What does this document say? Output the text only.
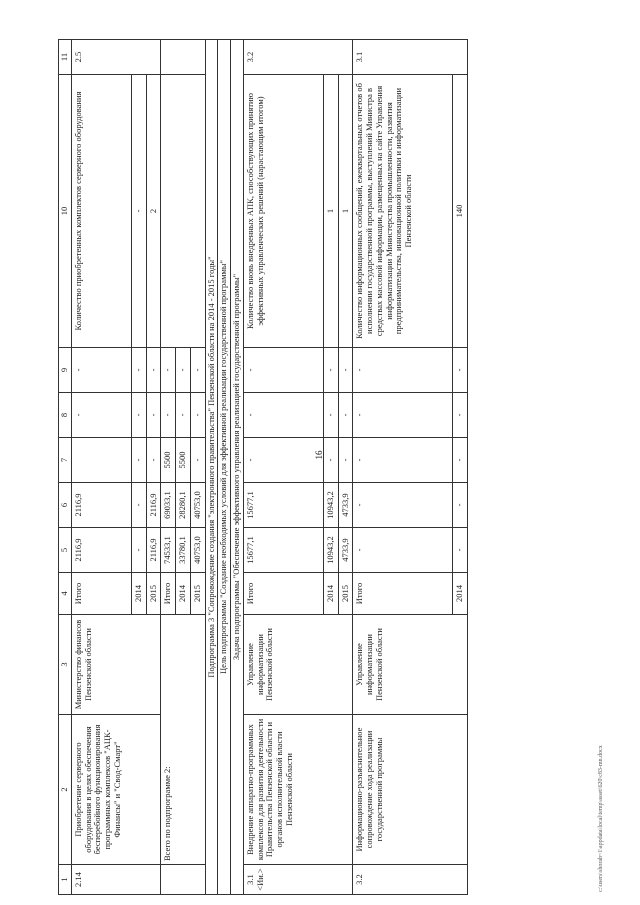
16
1	2	3	4	5	6	7	8	9	10	11
2.14	Приобретение серверного оборудования в целях обеспечения бесперебойного функционирования программных комплексов "АЦК-Финансы" и "Свод-Смарт"	Министерство финансов Пензенской области	Итого	2116,9	2116,9		-	-	Количество приобретенных комплектов серверного оборудования	2.5
			2014	-	-	-	-	-	-	
			2015	2116,9	2116,9	-	-	-	2	
	Всего по подпрограмме 2:		Итого	74533,1	69033,1	5500	-	-		
			2014	33780,1	28280,1	5500	-	-		
			2015	40753,0	40753,0	-	-	-		
Подпрограмма 3 "Сопровождение создания "электронного правительства" Пензенской области на 2014 - 2015 годы"										
Цель подпрограммы "Создание необходимых условий для эффективной реализации государственной программы"										
Задача подпрограммы "Обеспечение эффективного управления реализацией государственной программы"										
3.1 <Ии.>	Внедрение аппаратно-программных комплексов для развития деятельности Правительства Пензенской области и органов исполнительной власти Пензенской области	Управление информатизации Пензенской области	Итого	15677,1	15677,1	-	-	-	Количество вновь внедренных АПК, способствующих принятию эффективных управленческих решений (нарастающим итогом)	3.2
			2014	10943,2	10943,2	-	-	-	1	
			2015	4733,9	4733,9	-	-	-	1	
3.2	Информационно-разъяснительное сопровождение хода реализации государственной программы	Управление информатизации Пензенской области	Итого	-	-	-	-	-	Количество информационных сообщений, ежеквартальных отчетов об исполнении государственной программы, выступлений Министра в средствах массовой информации, размещенных на сайте Управления информатизации Министерства промышленности, развития предпринимательства, инновационной политики и информатизации Пензенской области	3.1
			2014	-	-	-	-	-	140	
c:\users\shorab~1\appdata\local\temp\asset\620\c83-mn.docx
